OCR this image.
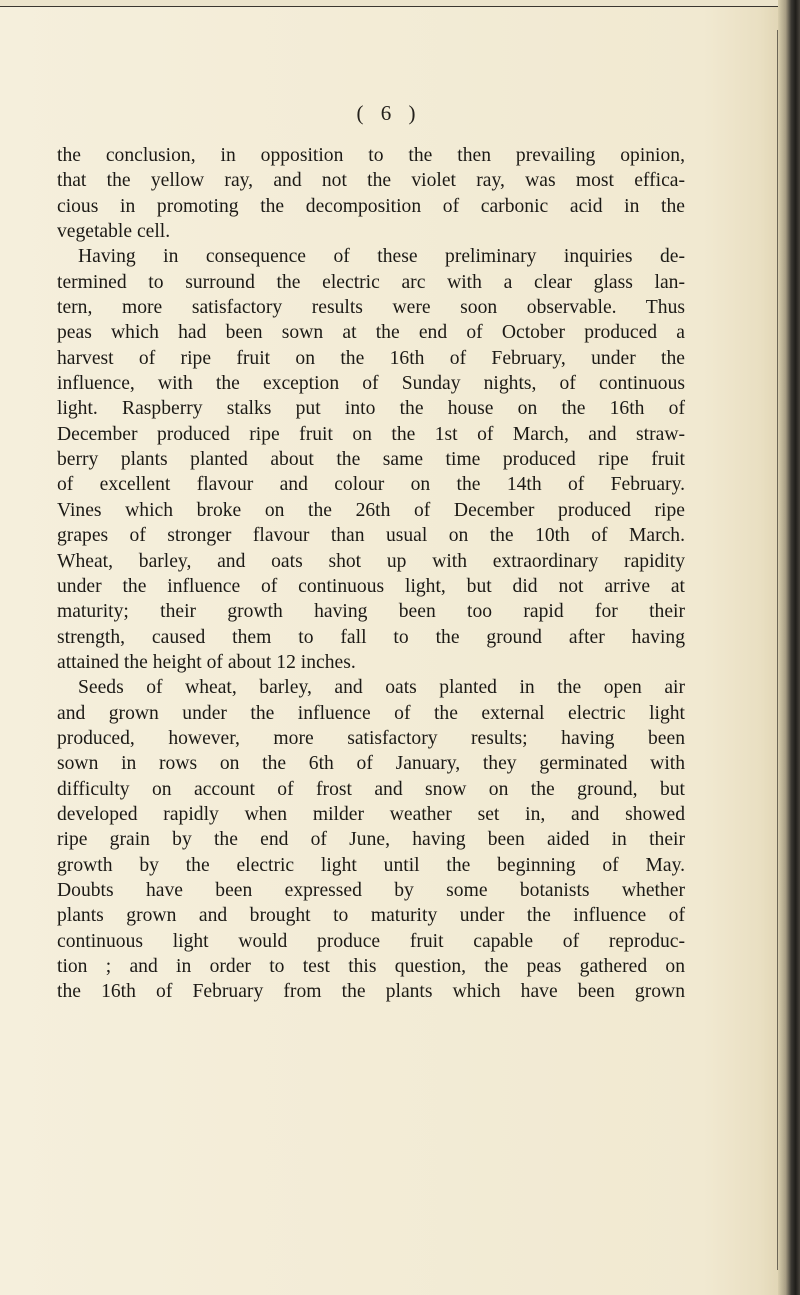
( 6 )
the conclusion, in opposition to the then prevailing opinion,
that the yellow ray, and not the violet ray, was most effica-
cious in promoting the decomposition of carbonic acid in the
vegetable cell.
Having in consequence of these preliminary inquiries de-
termined to surround the electric arc with a clear glass lan-
tern, more satisfactory results were soon observable. Thus
peas which had been sown at the end of October produced a
harvest of ripe fruit on the 16th of February, under the
influence, with the exception of Sunday nights, of continuous
light. Raspberry stalks put into the house on the 16th of
December produced ripe fruit on the 1st of March, and straw-
berry plants planted about the same time produced ripe fruit
of excellent flavour and colour on the 14th of February.
Vines which broke on the 26th of December produced ripe
grapes of stronger flavour than usual on the 10th of March.
Wheat, barley, and oats shot up with extraordinary rapidity
under the influence of continuous light, but did not arrive at
maturity; their growth having been too rapid for their
strength, caused them to fall to the ground after having
attained the height of about 12 inches.
Seeds of wheat, barley, and oats planted in the open air
and grown under the influence of the external electric light
produced, however, more satisfactory results; having been
sown in rows on the 6th of January, they germinated with
difficulty on account of frost and snow on the ground, but
developed rapidly when milder weather set in, and showed
ripe grain by the end of June, having been aided in their
growth by the electric light until the beginning of May.
Doubts have been expressed by some botanists whether
plants grown and brought to maturity under the influence of
continuous light would produce fruit capable of reproduc-
tion ; and in order to test this question, the peas gathered on
the 16th of February from the plants which have been grown
